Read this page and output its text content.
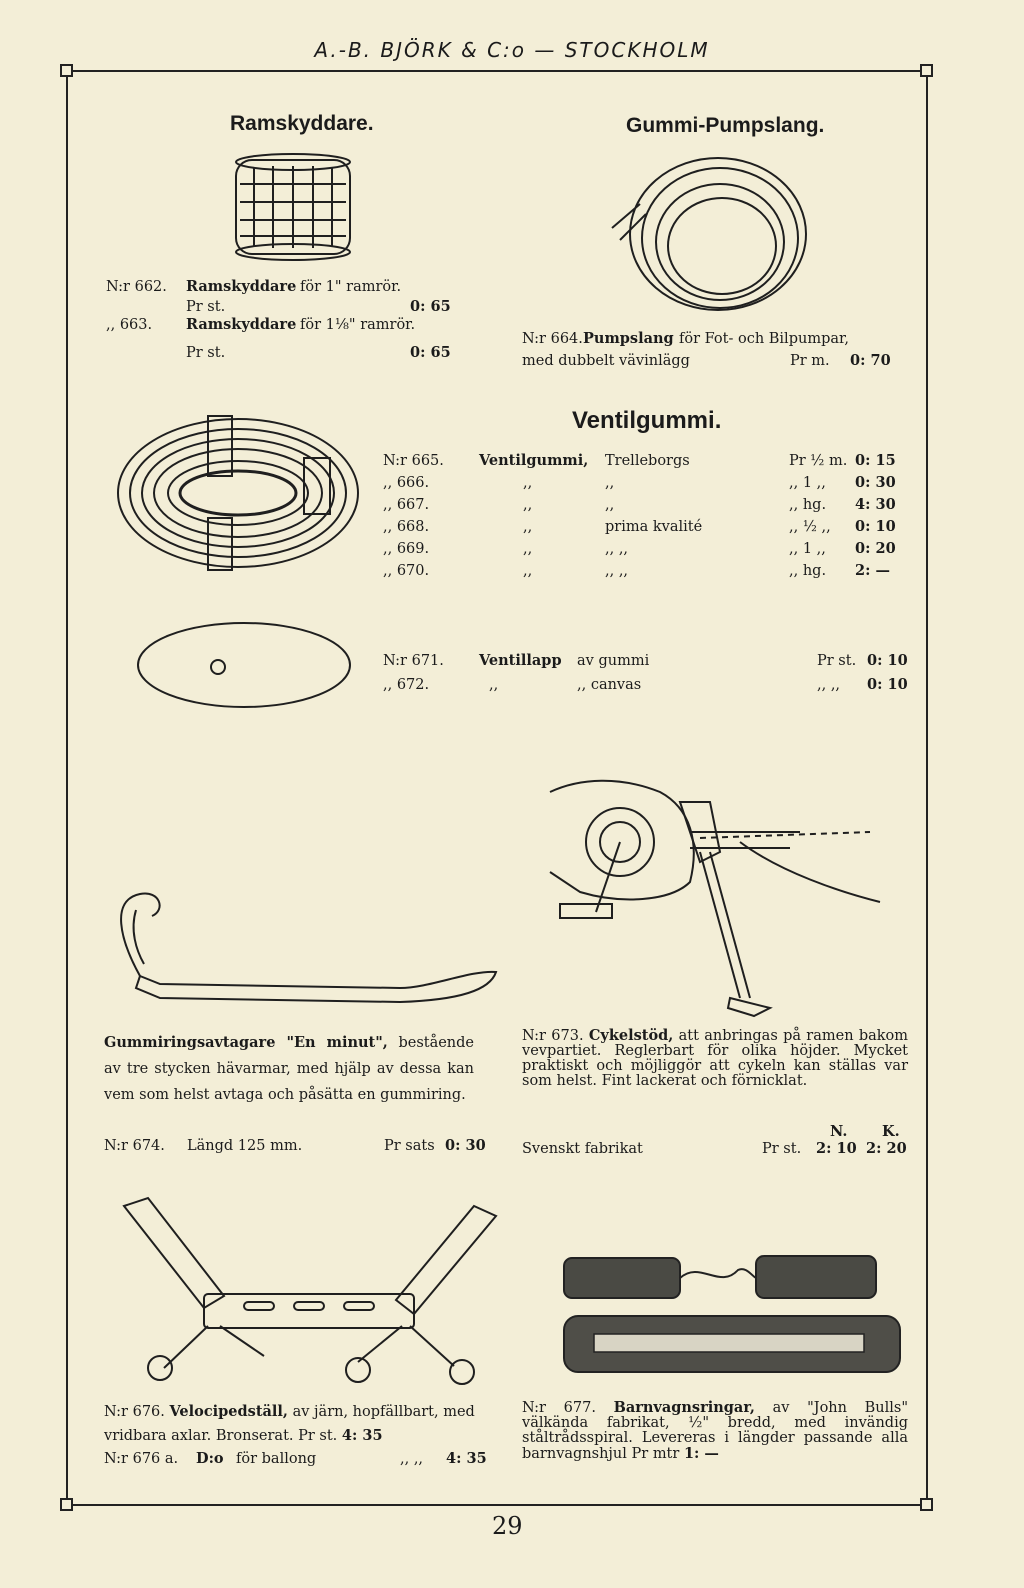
A.-B. BJÖRK & C:o — STOCKHOLM
Ramskyddare.
N:r 662. Ramskyddare för 1" ramrör.
Pr st.	0: 65
,, 663. Ramskyddare för 1⅛" ramrör.
Pr st.	0: 65
Gummi-Pumpslang.
N:r 664. Pumpslang för Fot- och Bilpumpar,
med dubbelt vävinlägg	Pr m. 0: 70
Ventilgummi.
N:r 665. Ventilgummi, Trelleborgs	Pr ½ m. 0: 15
,, 666.	,,	,,	,, 1 ,, 0: 30
,, 667.	,,	,,	,, hg. 4: 30
,, 668.	,,	prima kvalité	,, ½ ,, 0: 10
,, 669.	,,	,, ,,	,, 1 ,, 0: 20
,, 670.	,,	,, ,,	,, hg. 2: —
N:r 671. Ventillapp av gummi	Pr st. 0: 10
,, 672.	,,	,, canvas	,, ,, 0: 10
Gummiringsavtagare "En minut", bestående av tre stycken hävarmar, med hjälp av dessa kan vem som helst avtaga och påsätta en gummiring.
N:r 674. Längd 125 mm.	Pr sats 0: 30
N:r 673. Cykelstöd, att anbringas på ramen bakom vevpartiet. Reglerbart för olika höjder. Mycket praktiskt och möjliggör att cykeln kan ställas var som helst. Fint lackerat och förnicklat.
N. K.
Svenskt fabrikat	Pr st. 2: 10 2: 20
N:r 676. Velocipedställ, av järn, hopfällbart, med vridbara axlar. Bronserat. Pr st. 4: 35
N:r 676 a. D:o för ballong	,, ,, 4: 35
N:r 677. Barnvagnsringar, av "John Bulls" välkända fabrikat, ½" bredd, med invändig ståltrådsspiral. Levereras i längder passande alla barnvagnshjul Pr mtr 1: —
29
